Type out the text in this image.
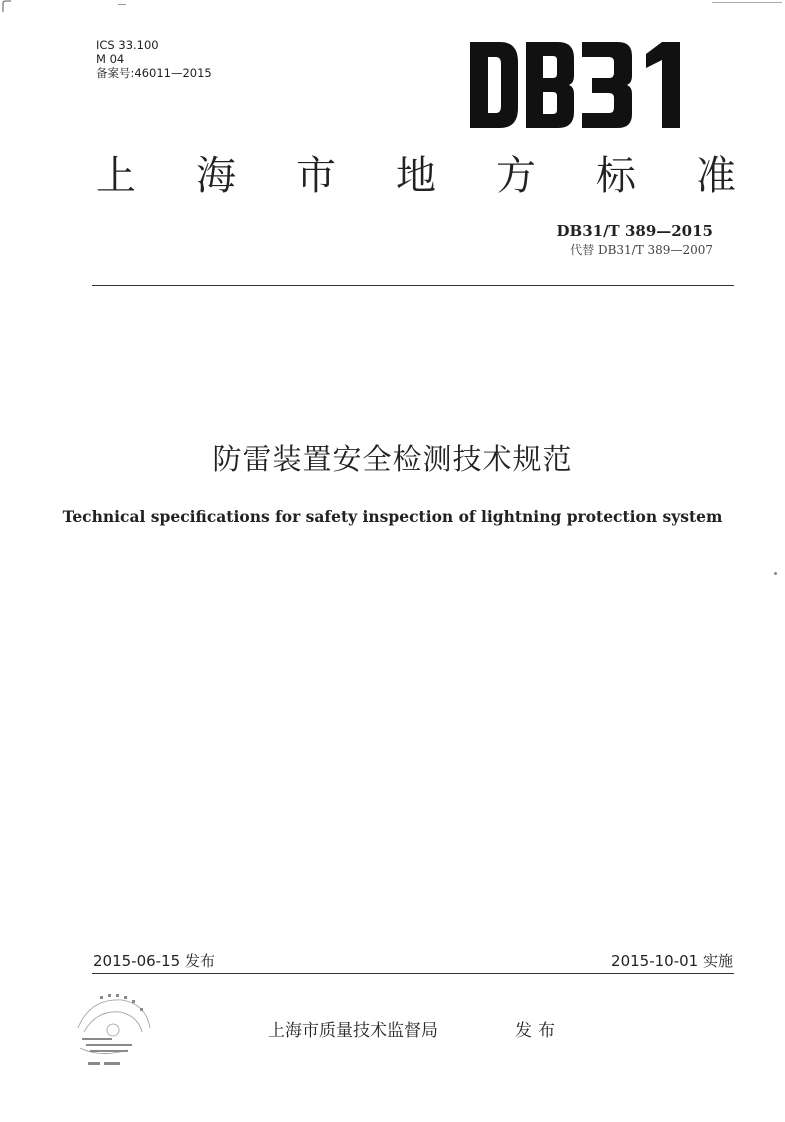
ICS 33.100
M 04
备案号:46011—2015
上 海 市 地 方 标 准
DB31/T 389—2015
代替 DB31/T 389—2007
防雷装置安全检测技术规范
Technical specifications for safety inspection of lightning protection system
2015-06-15 发布	2015-10-01 实施
上海市质量技术监督局	发布
